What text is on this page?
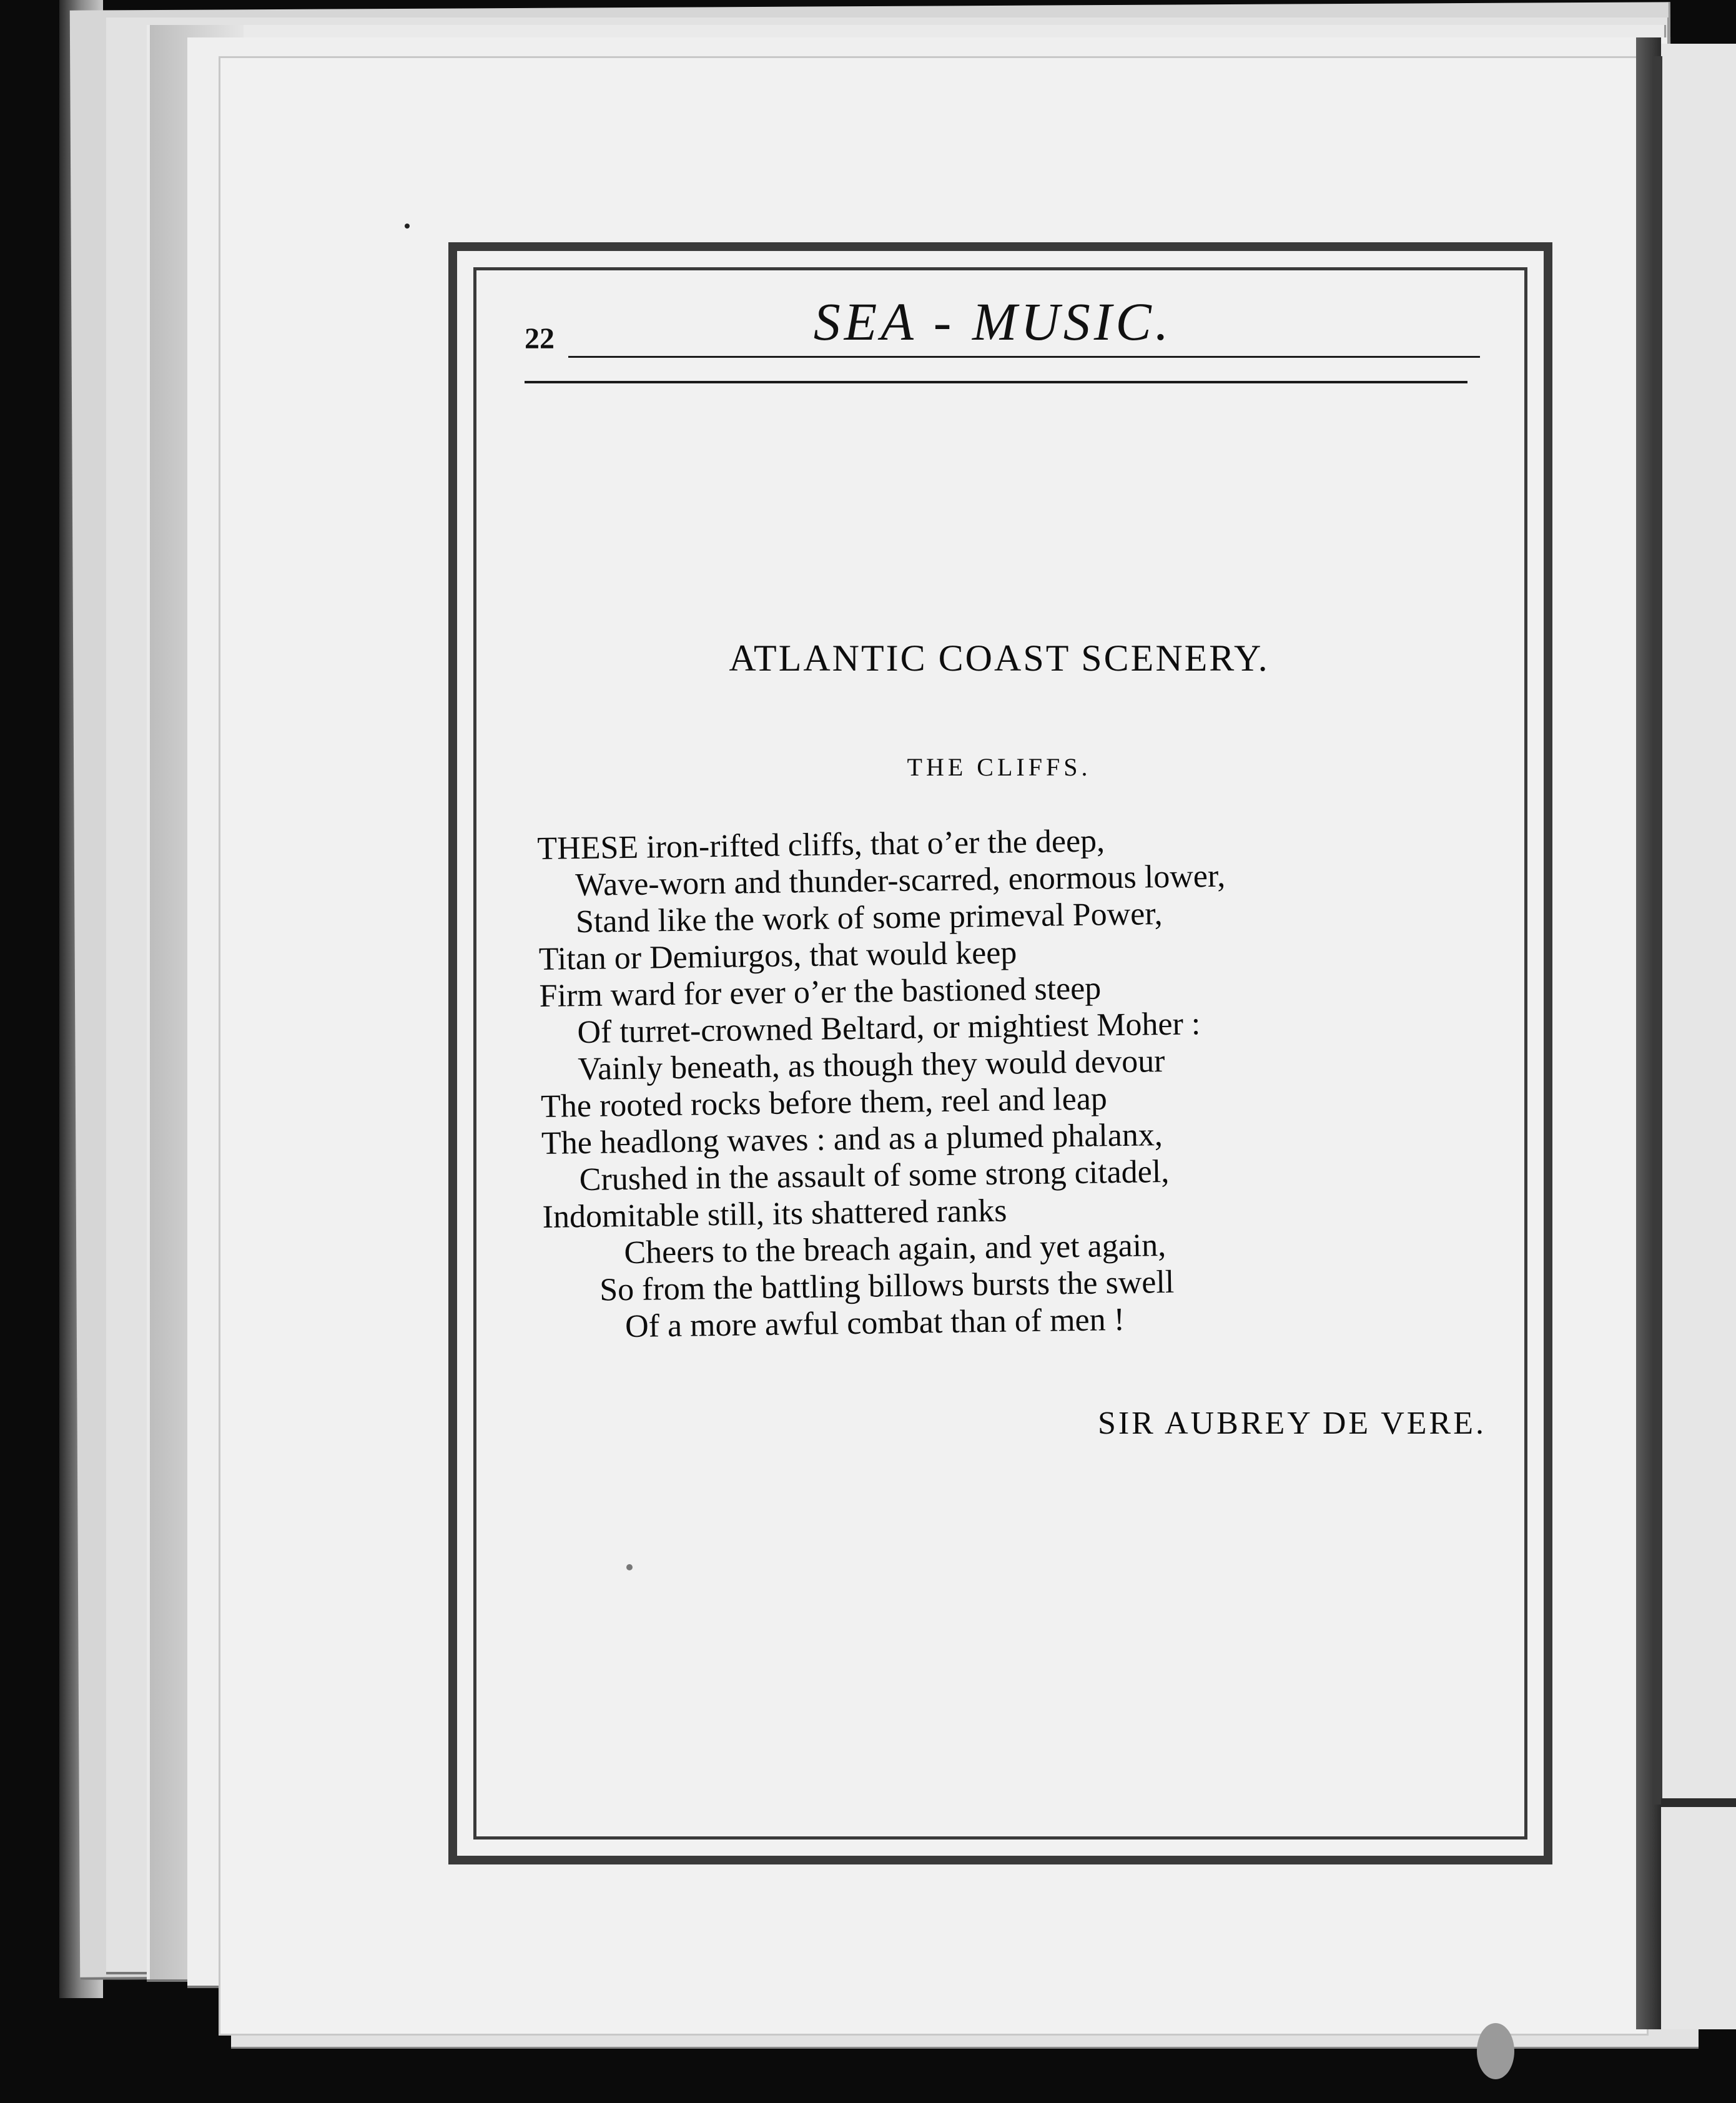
22	SEA - MUSIC.
ATLANTIC COAST SCENERY.
THE CLIFFS.
THESE iron-rifted cliffs, that o’er the deep,
Wave-worn and thunder-scarred, enormous lower,
Stand like the work of some primeval Power,
Titan or Demiurgos, that would keep
Firm ward for ever o’er the bastioned steep
Of turret-crowned Beltard, or mightiest Moher :
Vainly beneath, as though they would devour
The rooted rocks before them, reel and leap
The headlong waves : and as a plumed phalanx,
Crushed in the assault of some strong citadel,
Indomitable still, its shattered ranks
Cheers to the breach again, and yet again,
So from the battling billows bursts the swell
Of a more awful combat than of men !
SIR AUBREY DE VERE.
